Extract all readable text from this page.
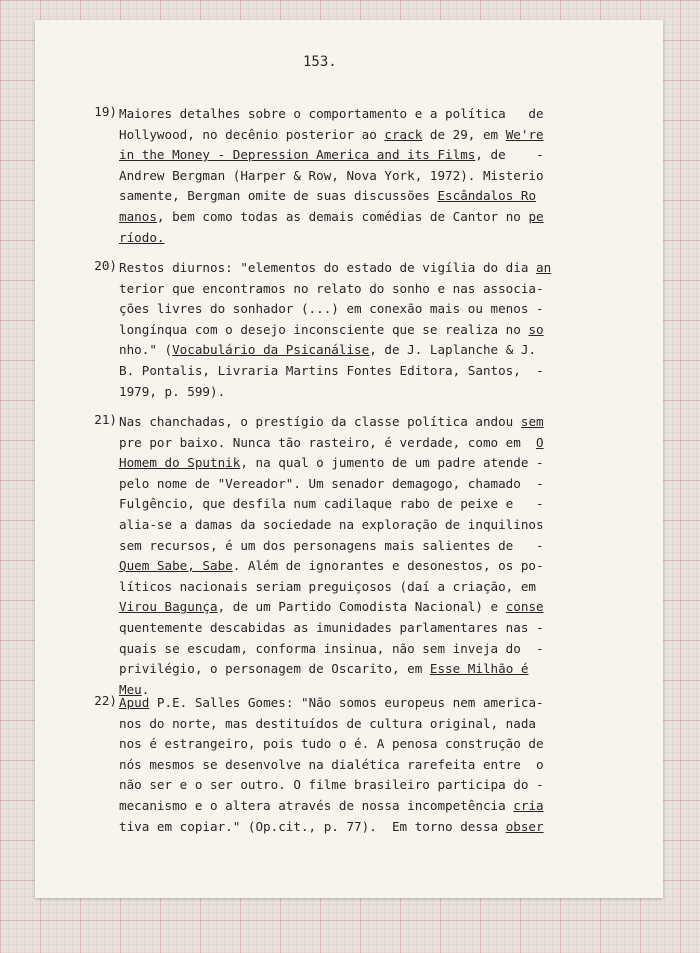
153.
19) Maiores detalhes sobre o comportamento e a política   de
Hollywood, no decênio posterior ao crack de 29, em We're
in the Money - Depression America and its Films, de    -
Andrew Bergman (Harper & Row, Nova York, 1972). Misterio
samente, Bergman omite de suas discussões Escândalos Ro
manos, bem como todas as demais comédias de Cantor no pe
ríodo.
20) Restos diurnos: "elementos do estado de vigília do dia an
terior que encontramos no relato do sonho e nas associa-
ções livres do sonhador (...) em conexão mais ou menos -
longínqua com o desejo inconsciente que se realiza no so
nho." (Vocabulário da Psicanálise, de J. Laplanche & J.
B. Pontalis, Livraria Martins Fontes Editora, Santos,  -
1979, p. 599).
21) Nas chanchadas, o prestígio da classe política andou sem
pre por baixo. Nunca tão rasteiro, é verdade, como em  O
Homem do Sputnik, na qual o jumento de um padre atende -
pelo nome de "Vereador". Um senador demagogo, chamado  -
Fulgêncio, que desfila num cadilaque rabo de peixe e   -
alia-se a damas da sociedade na exploração de inquilinos
sem recursos, é um dos personagens mais salientes de   -
Quem Sabe, Sabe. Além de ignorantes e desonestos, os po-
líticos nacionais seriam preguiçosos (daí a criação, em
Virou Bagunça, de um Partido Comodista Nacional) e conse
quentemente descabidas as imunidades parlamentares nas -
quais se escudam, conforma insinua, não sem inveja do  -
privilégio, o personagem de Oscarito, em Esse Milhão é
Meu.
22) Apud P.E. Salles Gomes: "Não somos europeus nem america-
nos do norte, mas destituídos de cultura original, nada
nos é estrangeiro, pois tudo o é. A penosa construção de
nós mesmos se desenvolve na dialética rarefeita entre  o
não ser e o ser outro. O filme brasileiro participa do -
mecanismo e o altera através de nossa incompetência cria
tiva em copiar." (Op.cit., p. 77).  Em torno dessa obser
